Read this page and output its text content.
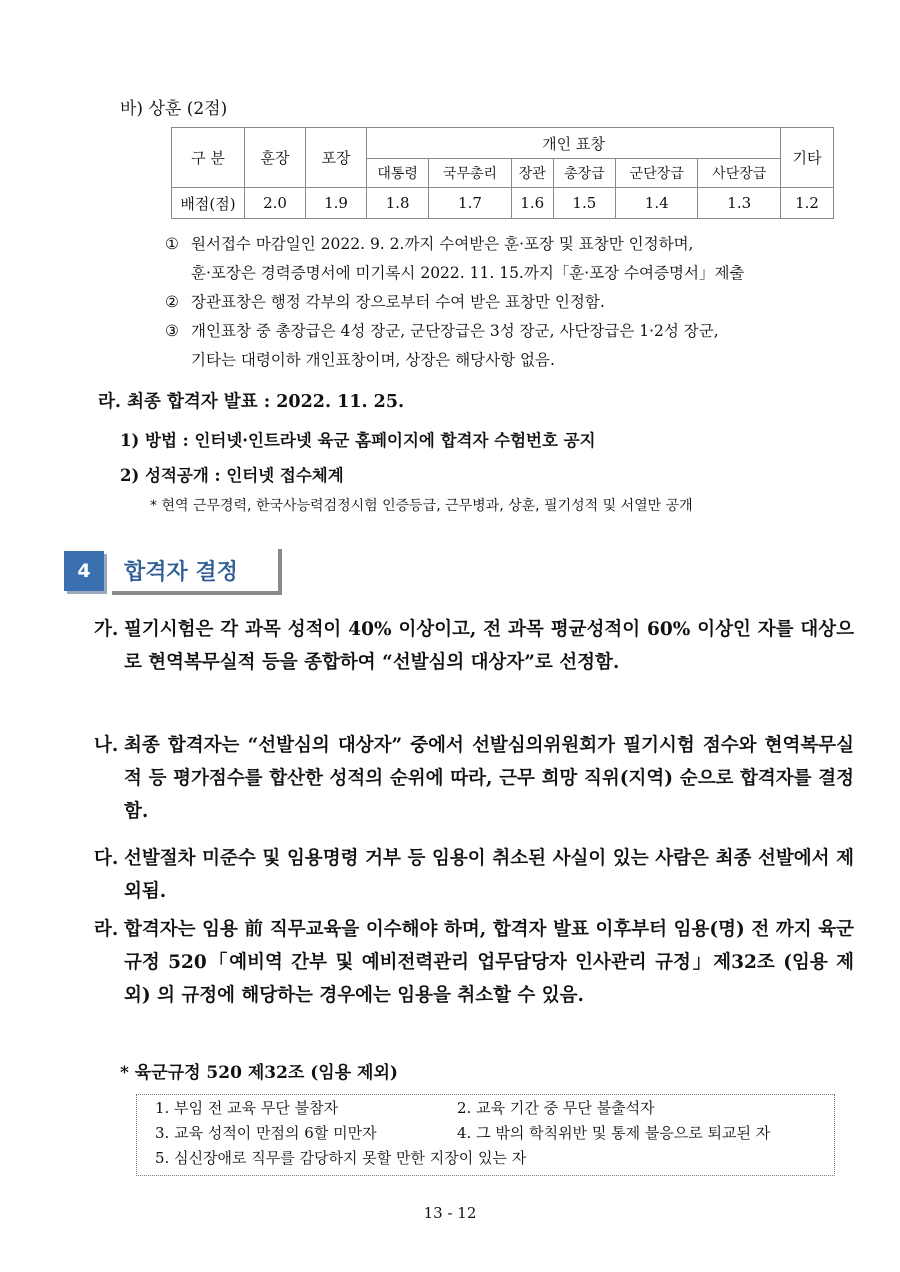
바) 상훈 (2점)
구 분	훈장	포장	개인 표창						기타
			대통령	국무총리	장관	총장급	군단장급	사단장급	
배점(점)	2.0	1.9	1.8	1.7	1.6	1.5	1.4	1.3	1.2
① 원서접수 마감일인 2022. 9. 2.까지 수여받은 훈·포장 및 표창만 인정하며,
훈·포장은 경력증명서에 미기록시 2022. 11. 15.까지「훈·포장 수여증명서」제출
② 장관표창은 행정 각부의 장으로부터 수여 받은 표창만 인정함.
③ 개인표창 중 총장급은 4성 장군, 군단장급은 3성 장군, 사단장급은 1·2성 장군,
기타는 대령이하 개인표창이며, 상장은 해당사항 없음.
라. 최종 합격자 발표 : 2022. 11. 25.
1) 방법 : 인터넷·인트라넷 육군 홈페이지에 합격자 수험번호 공지
2) 성적공개 : 인터넷 접수체계
* 현역 근무경력, 한국사능력검정시험 인증등급, 근무병과, 상훈, 필기성적 및 서열만 공개
4	합격자 결정
가. 필기시험은 각 과목 성적이 40% 이상이고, 전 과목 평균성적이 60% 이상인 자를 대상으로 현역복무실적 등을 종합하여 “선발심의 대상자”로 선정함.
나. 최종 합격자는 “선발심의 대상자” 중에서 선발심의위원회가 필기시험 점수와 현역복무실적 등 평가점수를 합산한 성적의 순위에 따라, 근무 희망 직위(지역) 순으로 합격자를 결정함.
다. 선발절차 미준수 및 임용명령 거부 등 임용이 취소된 사실이 있는 사람은 최종 선발에서 제외됨.
라. 합격자는 임용 前 직무교육을 이수해야 하며, 합격자 발표 이후부터 임용(명) 전 까지 육군규정 520「예비역 간부 및 예비전력관리 업무담당자 인사관리 규정」제32조 (임용 제외) 의 규정에 해당하는 경우에는 임용을 취소할 수 있음.
* 육군규정 520 제32조 (임용 제외)
1. 부임 전 교육 무단 불참자	2. 교육 기간 중 무단 불출석자
3. 교육 성적이 만점의 6할 미만자	4. 그 밖의 학칙위반 및 통제 불응으로 퇴교된 자
5. 심신장애로 직무를 감당하지 못할 만한 지장이 있는 자
13 - 12
